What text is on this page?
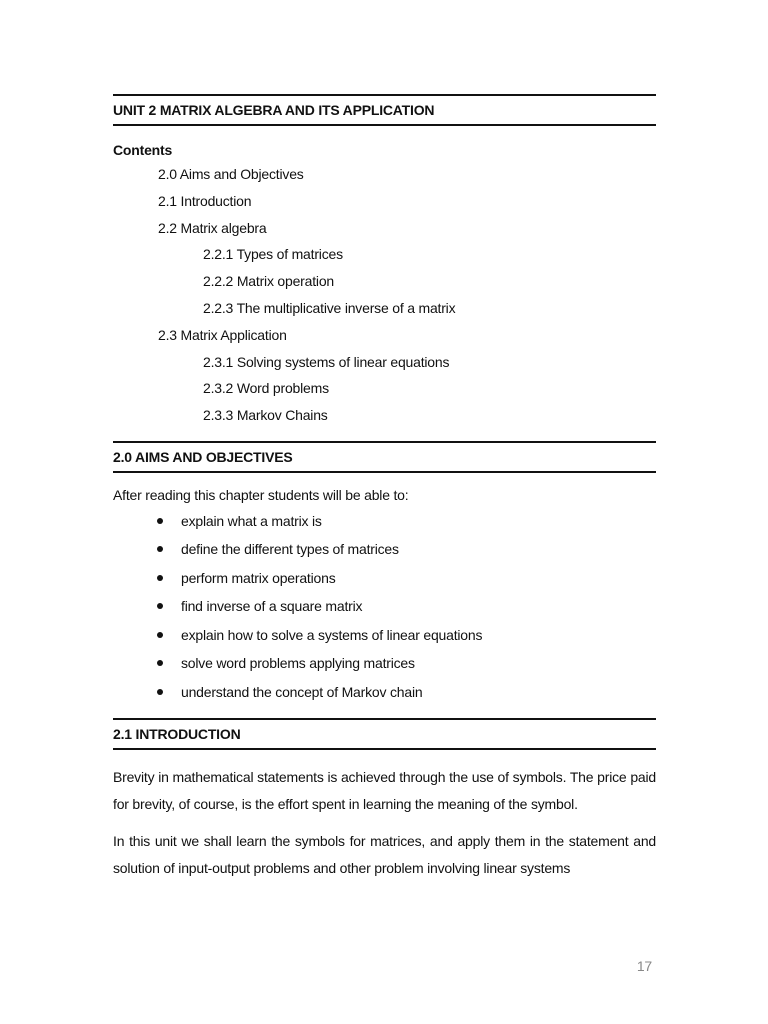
UNIT 2 MATRIX ALGEBRA AND ITS APPLICATION
Contents
2.0 Aims and Objectives
2.1 Introduction
2.2 Matrix algebra
2.2.1 Types of matrices
2.2.2 Matrix operation
2.2.3 The multiplicative inverse of a matrix
2.3 Matrix Application
2.3.1 Solving systems of linear equations
2.3.2 Word problems
2.3.3 Markov Chains
2.0 AIMS AND OBJECTIVES
After reading this chapter students will be able to:
explain what a matrix is
define the different types of matrices
perform matrix operations
find inverse of a square matrix
explain how to solve a systems of linear equations
solve word problems applying matrices
understand the concept of Markov chain
2.1 INTRODUCTION

Brevity in mathematical statements is achieved through the use of symbols. The price paid for brevity, of course, is the effort spent in learning the meaning of the symbol.

In this unit we shall learn the symbols for matrices, and apply them in the statement and solution of input-output problems and other problem involving linear systems

17
